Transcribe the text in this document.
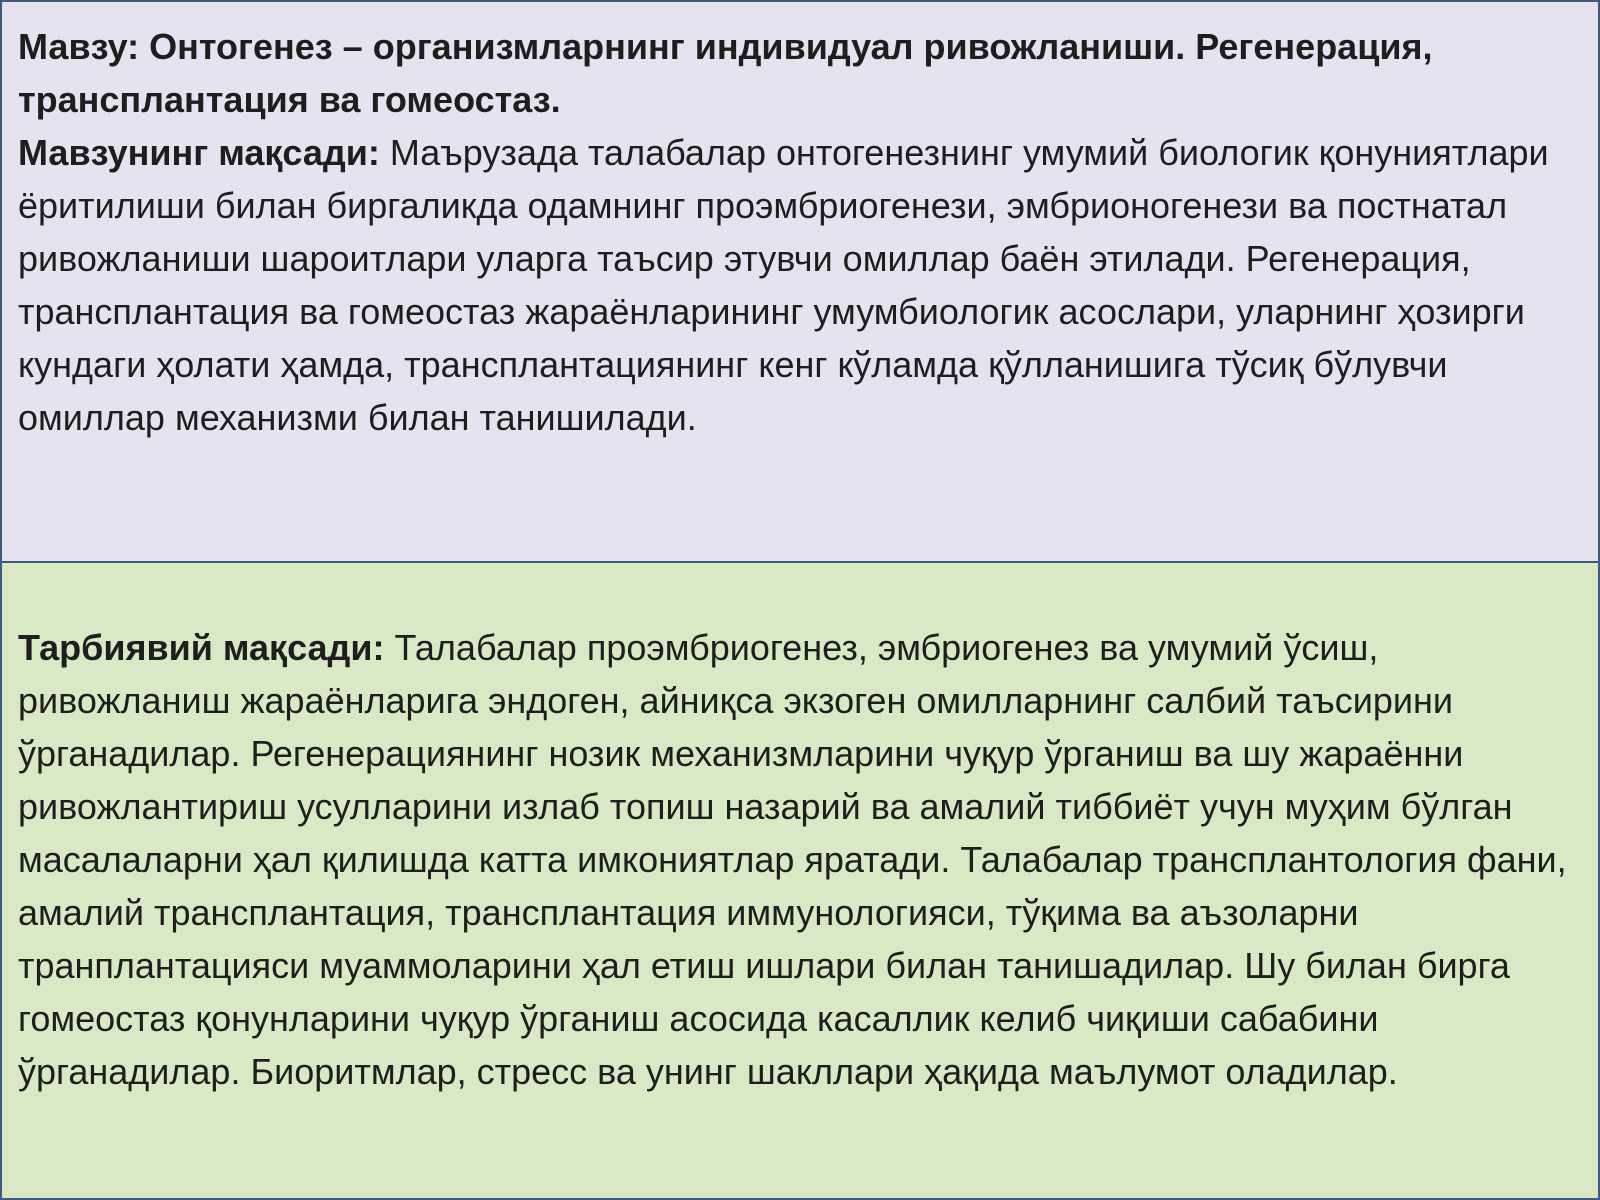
Мавзу: Онтогенез – организмларнинг индивидуал ривожланиши. Регенерация, трансплантация ва гомеостаз.

Мавзунинг мақсади: Маърузада талабалар онтогенезнинг умумий биологик қонуниятлари ёритилиши билан биргаликда одамнинг проэмбриогенези, эмбрионогенези ва постнатал ривожланиши шароитлари уларга таъсир этувчи омиллар баён этилади. Регенерация, трансплантация ва гомеостаз жараёнларининг умумбиологик асослари, уларнинг ҳозирги кундаги ҳолати ҳамда, трансплантациянинг кенг кўламда қўлланишига тўсиқ бўлувчи омиллар механизми билан танишилади.

Тарбиявий мақсади: Талабалар проэмбриогенез, эмбриогенез ва умумий ўсиш, ривожланиш жараёнларига эндоген, айниқса экзоген омилларнинг салбий таъсирини ўрганадилар. Регенерациянинг нозик механизмларини чуқур ўрганиш ва шу жараённи ривожлантириш усулларини излаб топиш назарий ва амалий тиббиёт учун муҳим бўлган масалаларни ҳал қилишда катта имкониятлар яратади. Талабалар трансплантология фани, амалий трансплантация, трансплантация иммунологияси, тўқима ва аъзоларни транплантацияси муаммоларини ҳал етиш ишлари билан танишадилар. Шу билан бирга гомеостаз қонунларини чуқур ўрганиш асосида касаллик келиб чиқиши сабабини ўрганадилар. Биоритмлар, стресс ва унинг шакллари ҳақида маълумот оладилар.
